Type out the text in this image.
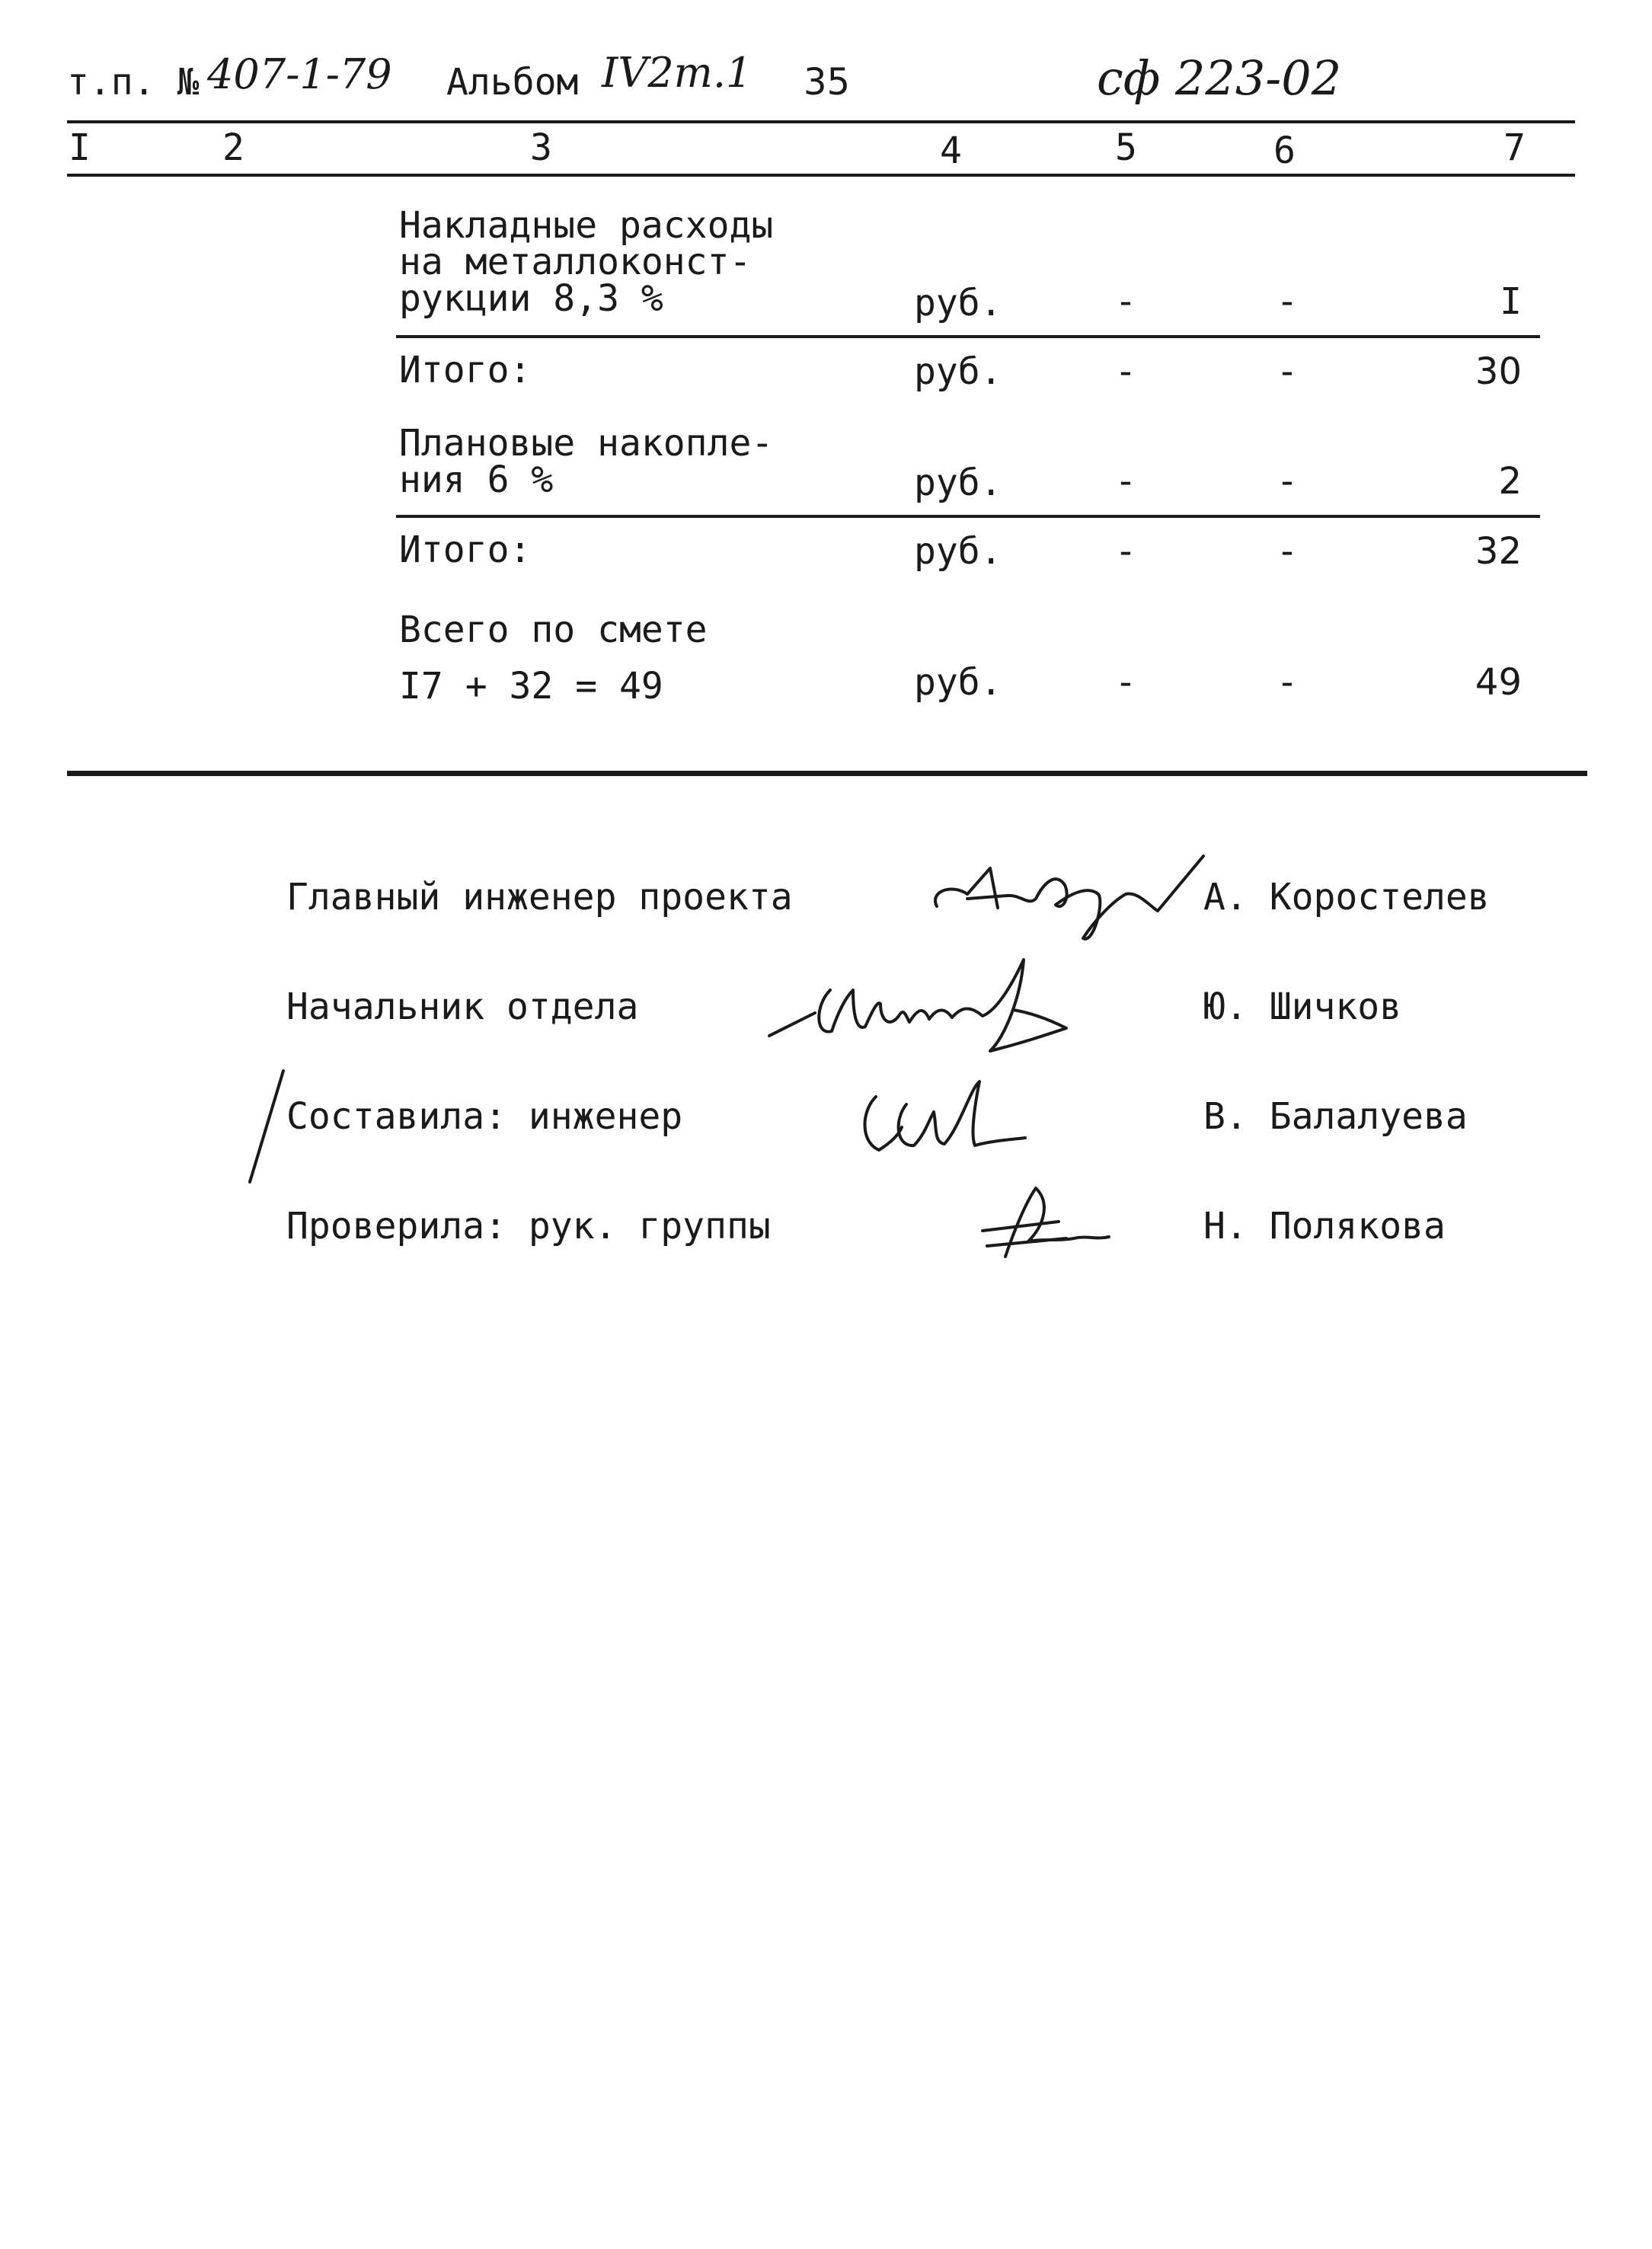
т.п. № 407-1-79 Альбом IV2т.1 35	сф 223-02
I	2	3	4	5	6	7
Накладные расходы
на металлоконст-
рукции 8,3 %	руб.	-	-	I
Итого:	руб.	-	-	30
Плановые накопле-
ния 6 %	руб.	-	-	2
Итого:	руб.	-	-	32
Всего по смете
I7 + 32 = 49	руб.	-	-	49
Главный инженер проекта	А. Коростелев
Начальник отдела	Ю. Шичков
Составила: инженер	В. Балалуева
Проверила: рук. группы	Н. Полякова
